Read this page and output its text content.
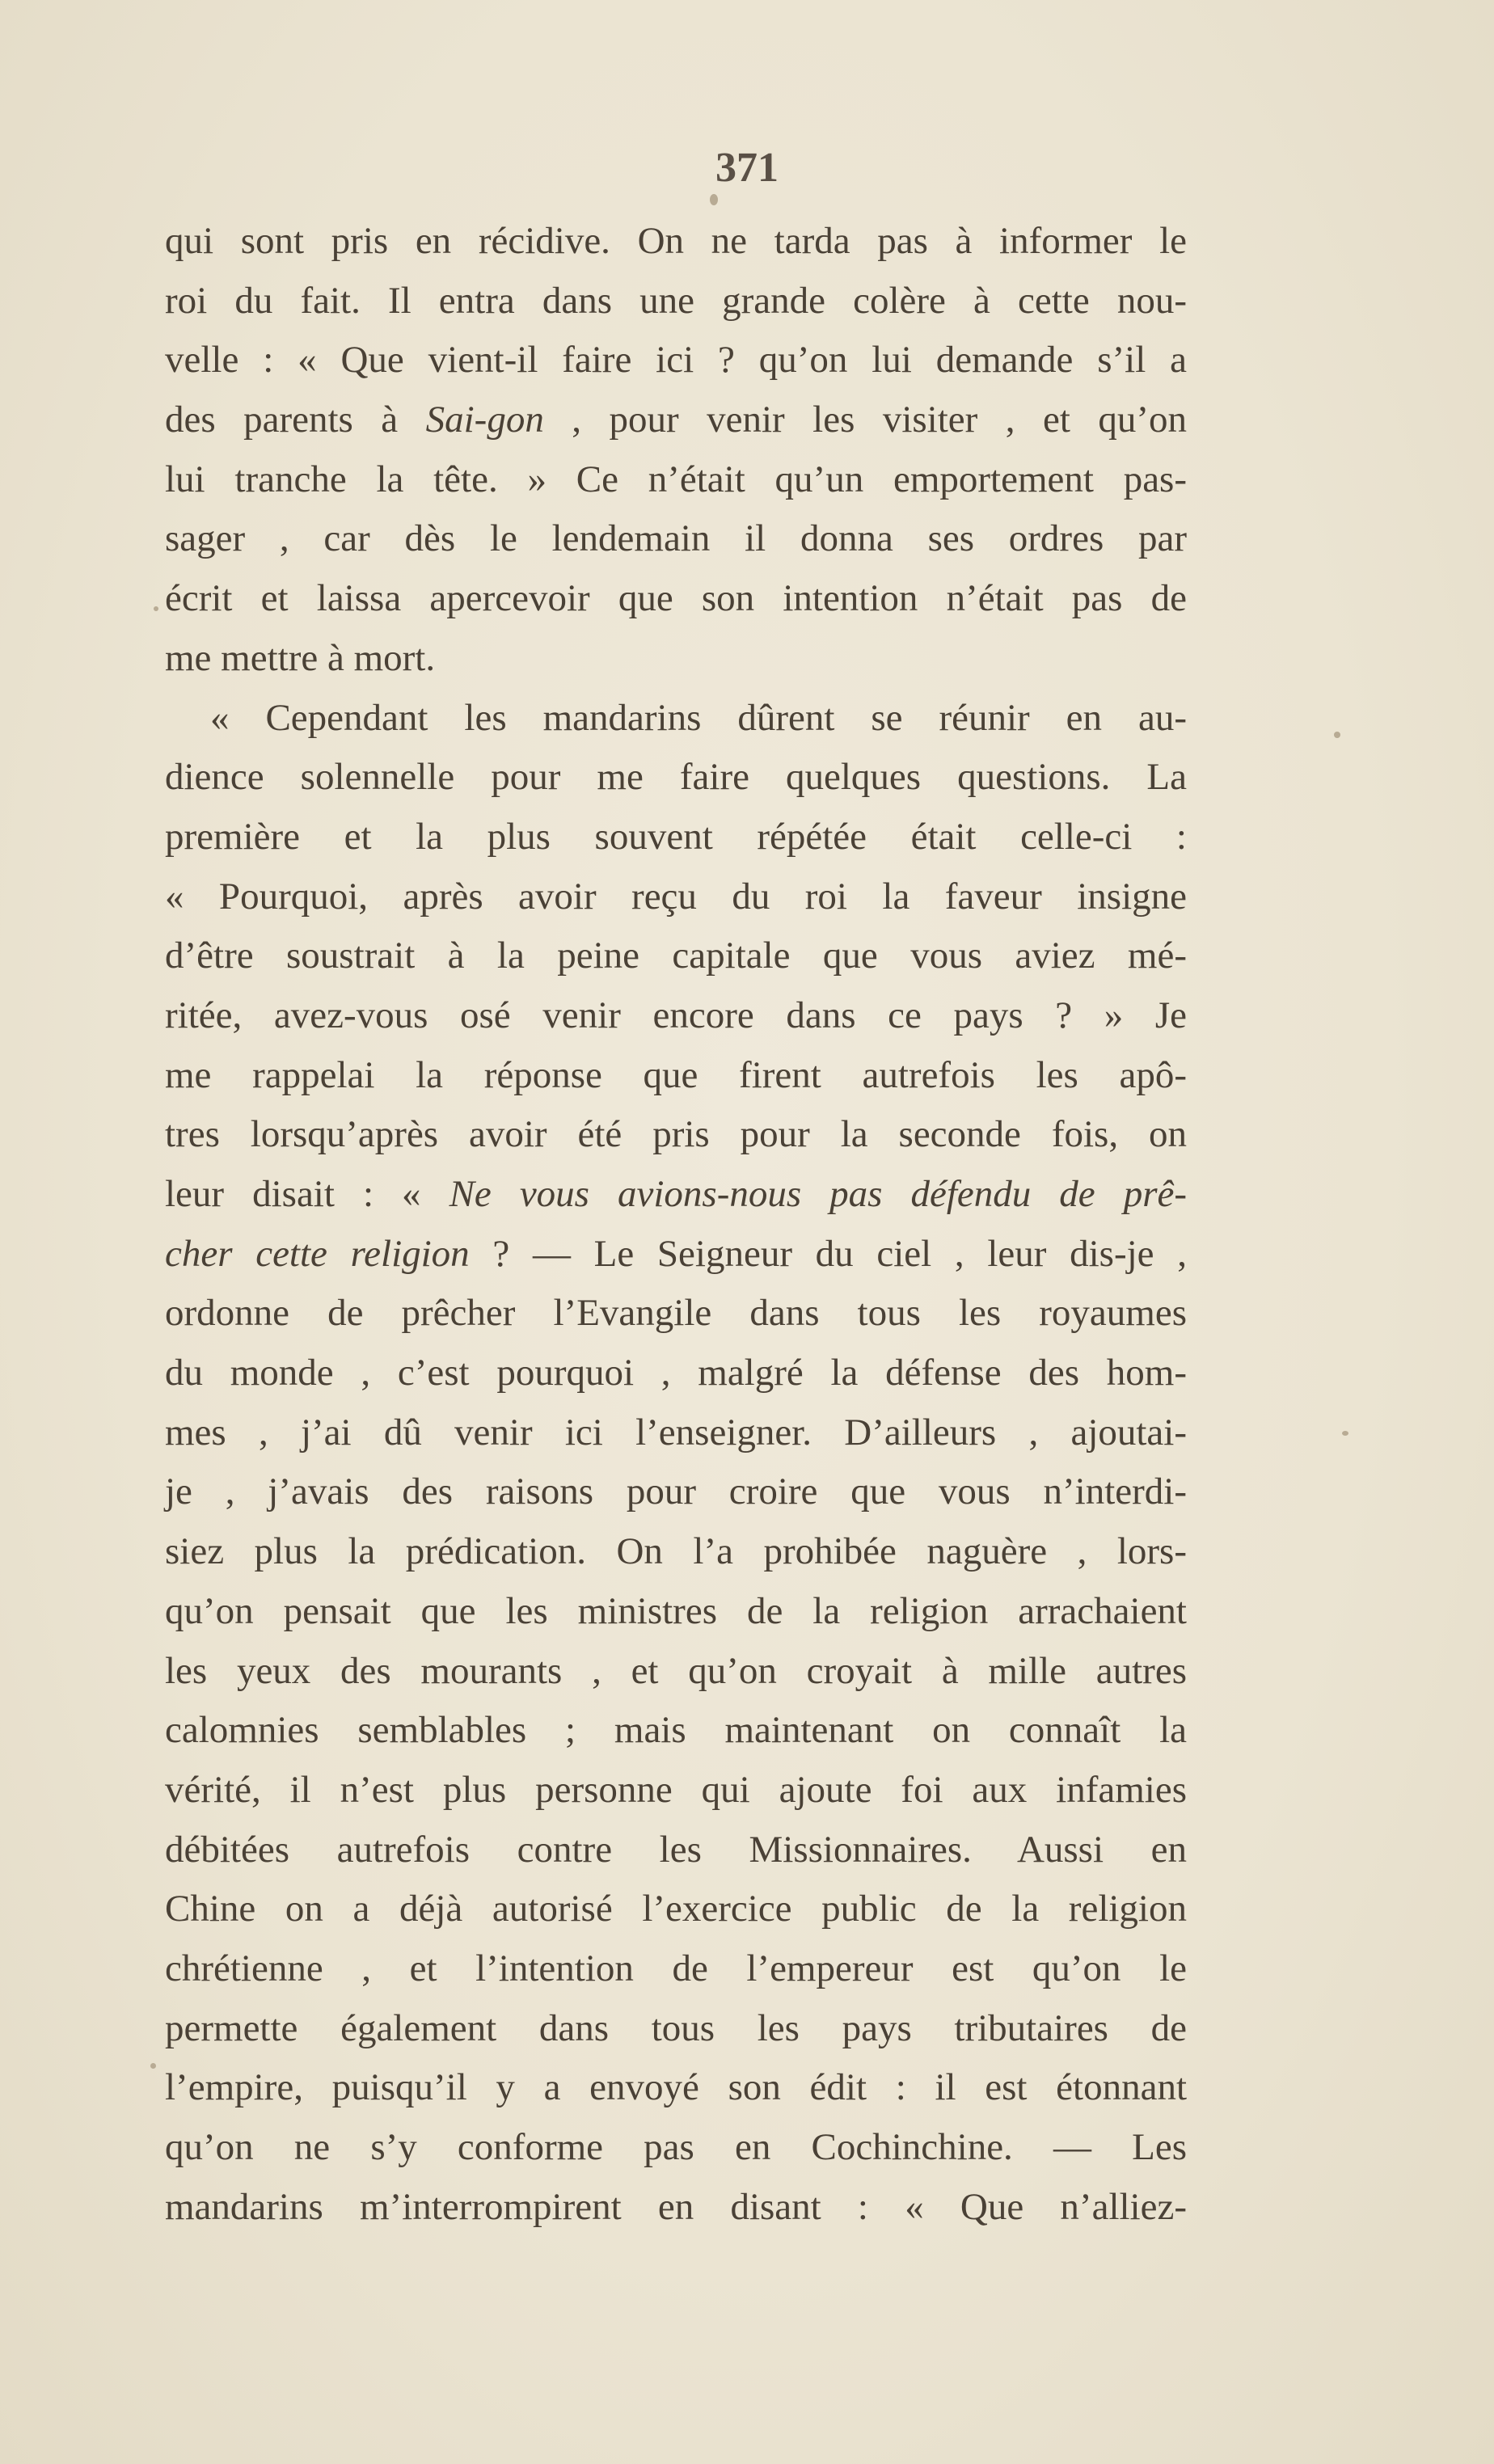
371
qui sont pris en récidive. On ne tarda pas à informer le
roi du fait. Il entra dans une grande colère à cette nou-
velle : « Que vient-il faire ici ? qu’on lui demande s’il a
des parents à Sai-gon , pour venir les visiter , et qu’on
lui tranche la tête. » Ce n’était qu’un emportement pas-
sager , car dès le lendemain il donna ses ordres par
écrit et laissa apercevoir que son intention n’était pas de
me mettre à mort.
« Cependant les mandarins dûrent se réunir en au-
dience solennelle pour me faire quelques questions. La
première et la plus souvent répétée était celle-ci :
« Pourquoi, après avoir reçu du roi la faveur insigne
d’être soustrait à la peine capitale que vous aviez mé-
ritée, avez-vous osé venir encore dans ce pays ? » Je
me rappelai la réponse que firent autrefois les apô-
tres lorsqu’après avoir été pris pour la seconde fois, on
leur disait : « Ne vous avions-nous pas défendu de prê-
cher cette religion ? — Le Seigneur du ciel , leur dis-je ,
ordonne de prêcher l’Evangile dans tous les royaumes
du monde , c’est pourquoi , malgré la défense des hom-
mes , j’ai dû venir ici l’enseigner. D’ailleurs , ajoutai-
je , j’avais des raisons pour croire que vous n’interdi-
siez plus la prédication. On l’a prohibée naguère , lors-
qu’on pensait que les ministres de la religion arrachaient
les yeux des mourants , et qu’on croyait à mille autres
calomnies semblables ; mais maintenant on connaît la
vérité, il n’est plus personne qui ajoute foi aux infamies
débitées autrefois contre les Missionnaires. Aussi en
Chine on a déjà autorisé l’exercice public de la religion
chrétienne , et l’intention de l’empereur est qu’on le
permette également dans tous les pays tributaires de
l’empire, puisqu’il y a envoyé son édit : il est étonnant
qu’on ne s’y conforme pas en Cochinchine. — Les
mandarins m’interrompirent en disant : « Que n’alliez-
